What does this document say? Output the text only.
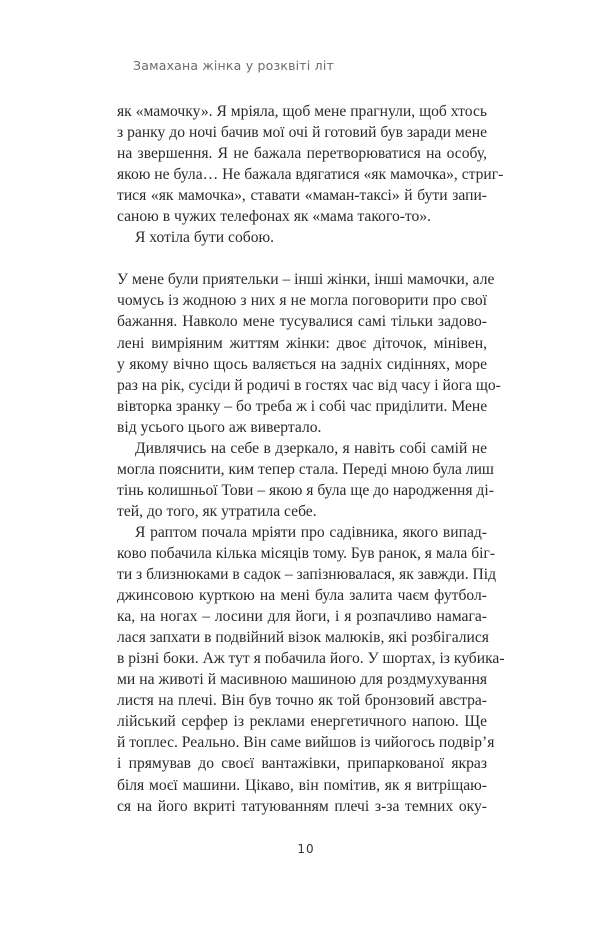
Замахана жінка у розквіті літ
як «мамочку». Я мріяла, щоб мене прагнули, щоб хтось
з ранку до ночі бачив мої очі й готовий був заради мене
на звершення. Я не бажала перетворюватися на особу,
якою не була… Не бажала вдягатися «як мамочка», стриг-
тися «як мамочка», ставати «маман-таксі» й бути запи-
саною в чужих телефонах як «мама такого-то».
Я хотіла бути собою.
У мене були приятельки – інші жінки, інші мамочки, але
чомусь із жодною з них я не могла поговорити про свої
бажання. Навколо мене тусувалися самі тільки задово-
лені вимріяним життям жінки: двоє діточок, мінівен,
у якому вічно щось валяється на задніх сидіннях, море
раз на рік, сусіди й родичі в гостях час від часу і йога що-
вівторка зранку – бо треба ж і собі час приділити. Мене
від усього цього аж вивертало.
Дивлячись на себе в дзеркало, я навіть собі самій не
могла пояснити, ким тепер стала. Переді мною була лиш
тінь колишньої Тови – якою я була ще до народження ді-
тей, до того, як утратила себе.
Я раптом почала мріяти про садівника, якого випад-
ково побачила кілька місяців тому. Був ранок, я мала біг-
ти з близнюками в садок – запізнювалася, як завжди. Під
джинсовою курткою на мені була залита чаєм футбол-
ка, на ногах – лосини для йоги, і я розпачливо намага-
лася запхати в подвійний візок малюків, які розбігалися
в різні боки. Аж тут я побачила його. У шортах, із кубика-
ми на животі й масивною машиною для роздмухування
листя на плечі. Він був точно як той бронзовий австра-
лійський серфер із реклами енергетичного напою. Ще
й топлес. Реально. Він саме вийшов із чийогось подвір’я
і прямував до своєї вантажівки, припаркованої якраз
біля моєї машини. Цікаво, він помітив, як я витріщаю-
ся на його вкриті татуюванням плечі з-за темних оку-
10
